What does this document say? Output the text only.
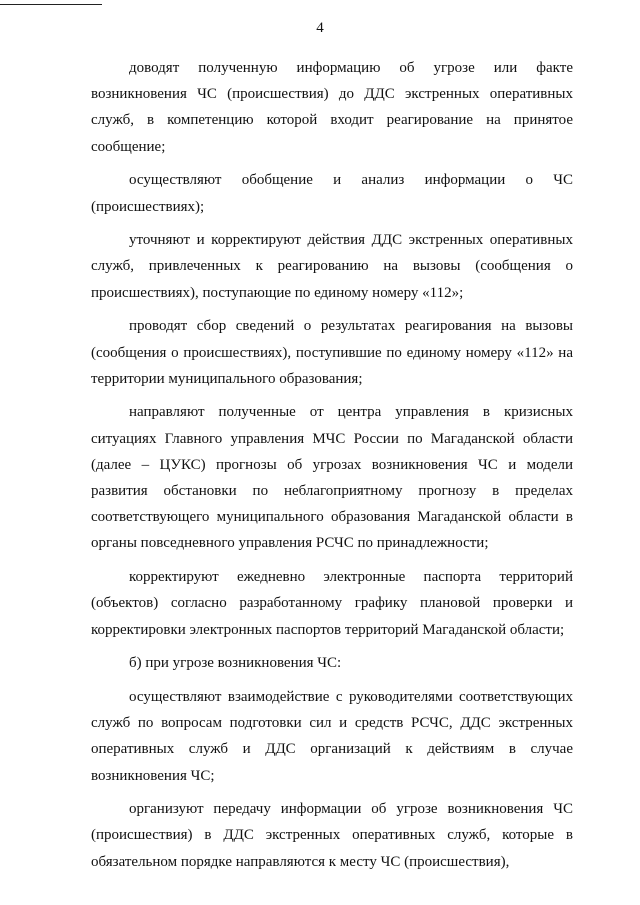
4

доводят полученную информацию об угрозе или факте возникновения ЧС (происшествия) до ДДС экстренных оперативных служб, в компетенцию которой входит реагирование на принятое сообщение;

осуществляют обобщение и анализ информации о ЧС (происшествиях);

уточняют и корректируют действия ДДС экстренных оперативных служб, привлеченных к реагированию на вызовы (сообщения о происшествиях), поступающие по единому номеру «112»;

проводят сбор сведений о результатах реагирования на вызовы (сообщения о происшествиях), поступившие по единому номеру «112» на территории муниципального образования;

направляют полученные от центра управления в кризисных ситуациях Главного управления МЧС России по Магаданской области (далее – ЦУКС) прогнозы об угрозах возникновения ЧС и модели развития обстановки по неблагоприятному прогнозу в пределах соответствующего муниципального образования Магаданской области в органы повседневного управления РСЧС по принадлежности;

корректируют ежедневно электронные паспорта территорий (объектов) согласно разработанному графику плановой проверки и корректировки электронных паспортов территорий Магаданской области;

б) при угрозе возникновения ЧС:

осуществляют взаимодействие с руководителями соответствующих служб по вопросам подготовки сил и средств РСЧС, ДДС экстренных оперативных служб и ДДС организаций к действиям в случае возникновения ЧС;

организуют передачу информации об угрозе возникновения ЧС (происшествия) в ДДС экстренных оперативных служб, которые в обязательном порядке направляются к месту ЧС (происшествия),
